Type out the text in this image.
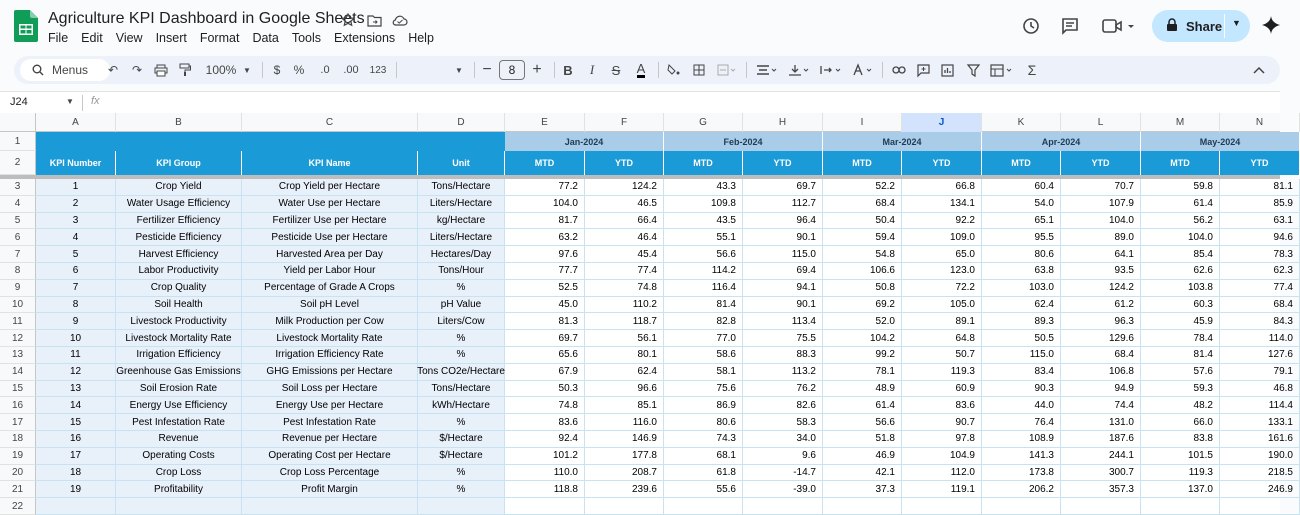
Agriculture KPI Dashboard in Google Sheets
File Edit View Insert Format Data Tools Extensions Help
Share ▼
Menus	↶	↷	100% ▼	$	%	.0	.00	123	▼ −	8	+ B	I	S A	Σ
J24	▼ fx
A	B	C	D	E	F	G	H	I	J	K	L	M	N
1
2
3
4
5
6
7
8
9
10
11
12
13
14
15
16
17
18
19
20
21
22
Jan-2024	Feb-2024	Mar-2024	Apr-2024	May-2024
KPI Number	KPI Group	KPI Name	Unit	MTD	YTD	MTD	YTD	MTD	YTD	MTD	YTD	MTD	YTD
1	Crop Yield	Crop Yield per Hectare	Tons/Hectare	77.2	124.2	43.3	69.7	52.2	66.8	60.4	70.7	59.8	81.1
2	Water Usage Efficiency	Water Use per Hectare	Liters/Hectare	104.0	46.5	109.8	112.7	68.4	134.1	54.0	107.9	61.4	85.9
3	Fertilizer Efficiency	Fertilizer Use per Hectare	kg/Hectare	81.7	66.4	43.5	96.4	50.4	92.2	65.1	104.0	56.2	63.1
4	Pesticide Efficiency	Pesticide Use per Hectare	Liters/Hectare	63.2	46.4	55.1	90.1	59.4	109.0	95.5	89.0	104.0	94.6
5	Harvest Efficiency	Harvested Area per Day	Hectares/Day	97.6	45.4	56.6	115.0	54.8	65.0	80.6	64.1	85.4	78.3
6	Labor Productivity	Yield per Labor Hour	Tons/Hour	77.7	77.4	114.2	69.4	106.6	123.0	63.8	93.5	62.6	62.3
7	Crop Quality	Percentage of Grade A Crops	%	52.5	74.8	116.4	94.1	50.8	72.2	103.0	124.2	103.8	77.4
8	Soil Health	Soil pH Level	pH Value	45.0	110.2	81.4	90.1	69.2	105.0	62.4	61.2	60.3	68.4
9	Livestock Productivity	Milk Production per Cow	Liters/Cow	81.3	118.7	82.8	113.4	52.0	89.1	89.3	96.3	45.9	84.3
10	Livestock Mortality Rate	Livestock Mortality Rate	%	69.7	56.1	77.0	75.5	104.2	64.8	50.5	129.6	78.4	114.0
11	Irrigation Efficiency	Irrigation Efficiency Rate	%	65.6	80.1	58.6	88.3	99.2	50.7	115.0	68.4	81.4	127.6
12	Greenhouse Gas Emissions	GHG Emissions per Hectare	Tons CO2e/Hectare	67.9	62.4	58.1	113.2	78.1	119.3	83.4	106.8	57.6	79.1
13	Soil Erosion Rate	Soil Loss per Hectare	Tons/Hectare	50.3	96.6	75.6	76.2	48.9	60.9	90.3	94.9	59.3	46.8
14	Energy Use Efficiency	Energy Use per Hectare	kWh/Hectare	74.8	85.1	86.9	82.6	61.4	83.6	44.0	74.4	48.2	114.4
15	Pest Infestation Rate	Pest Infestation Rate	%	83.6	116.0	80.6	58.3	56.6	90.7	76.4	131.0	66.0	133.1
16	Revenue	Revenue per Hectare	$/Hectare	92.4	146.9	74.3	34.0	51.8	97.8	108.9	187.6	83.8	161.6
17	Operating Costs	Operating Cost per Hectare	$/Hectare	101.2	177.8	68.1	9.6	46.9	104.9	141.3	244.1	101.5	190.0
18	Crop Loss	Crop Loss Percentage	%	110.0	208.7	61.8	-14.7	42.1	112.0	173.8	300.7	119.3	218.5
19	Profitability	Profit Margin	%	118.8	239.6	55.6	-39.0	37.3	119.1	206.2	357.3	137.0	246.9
